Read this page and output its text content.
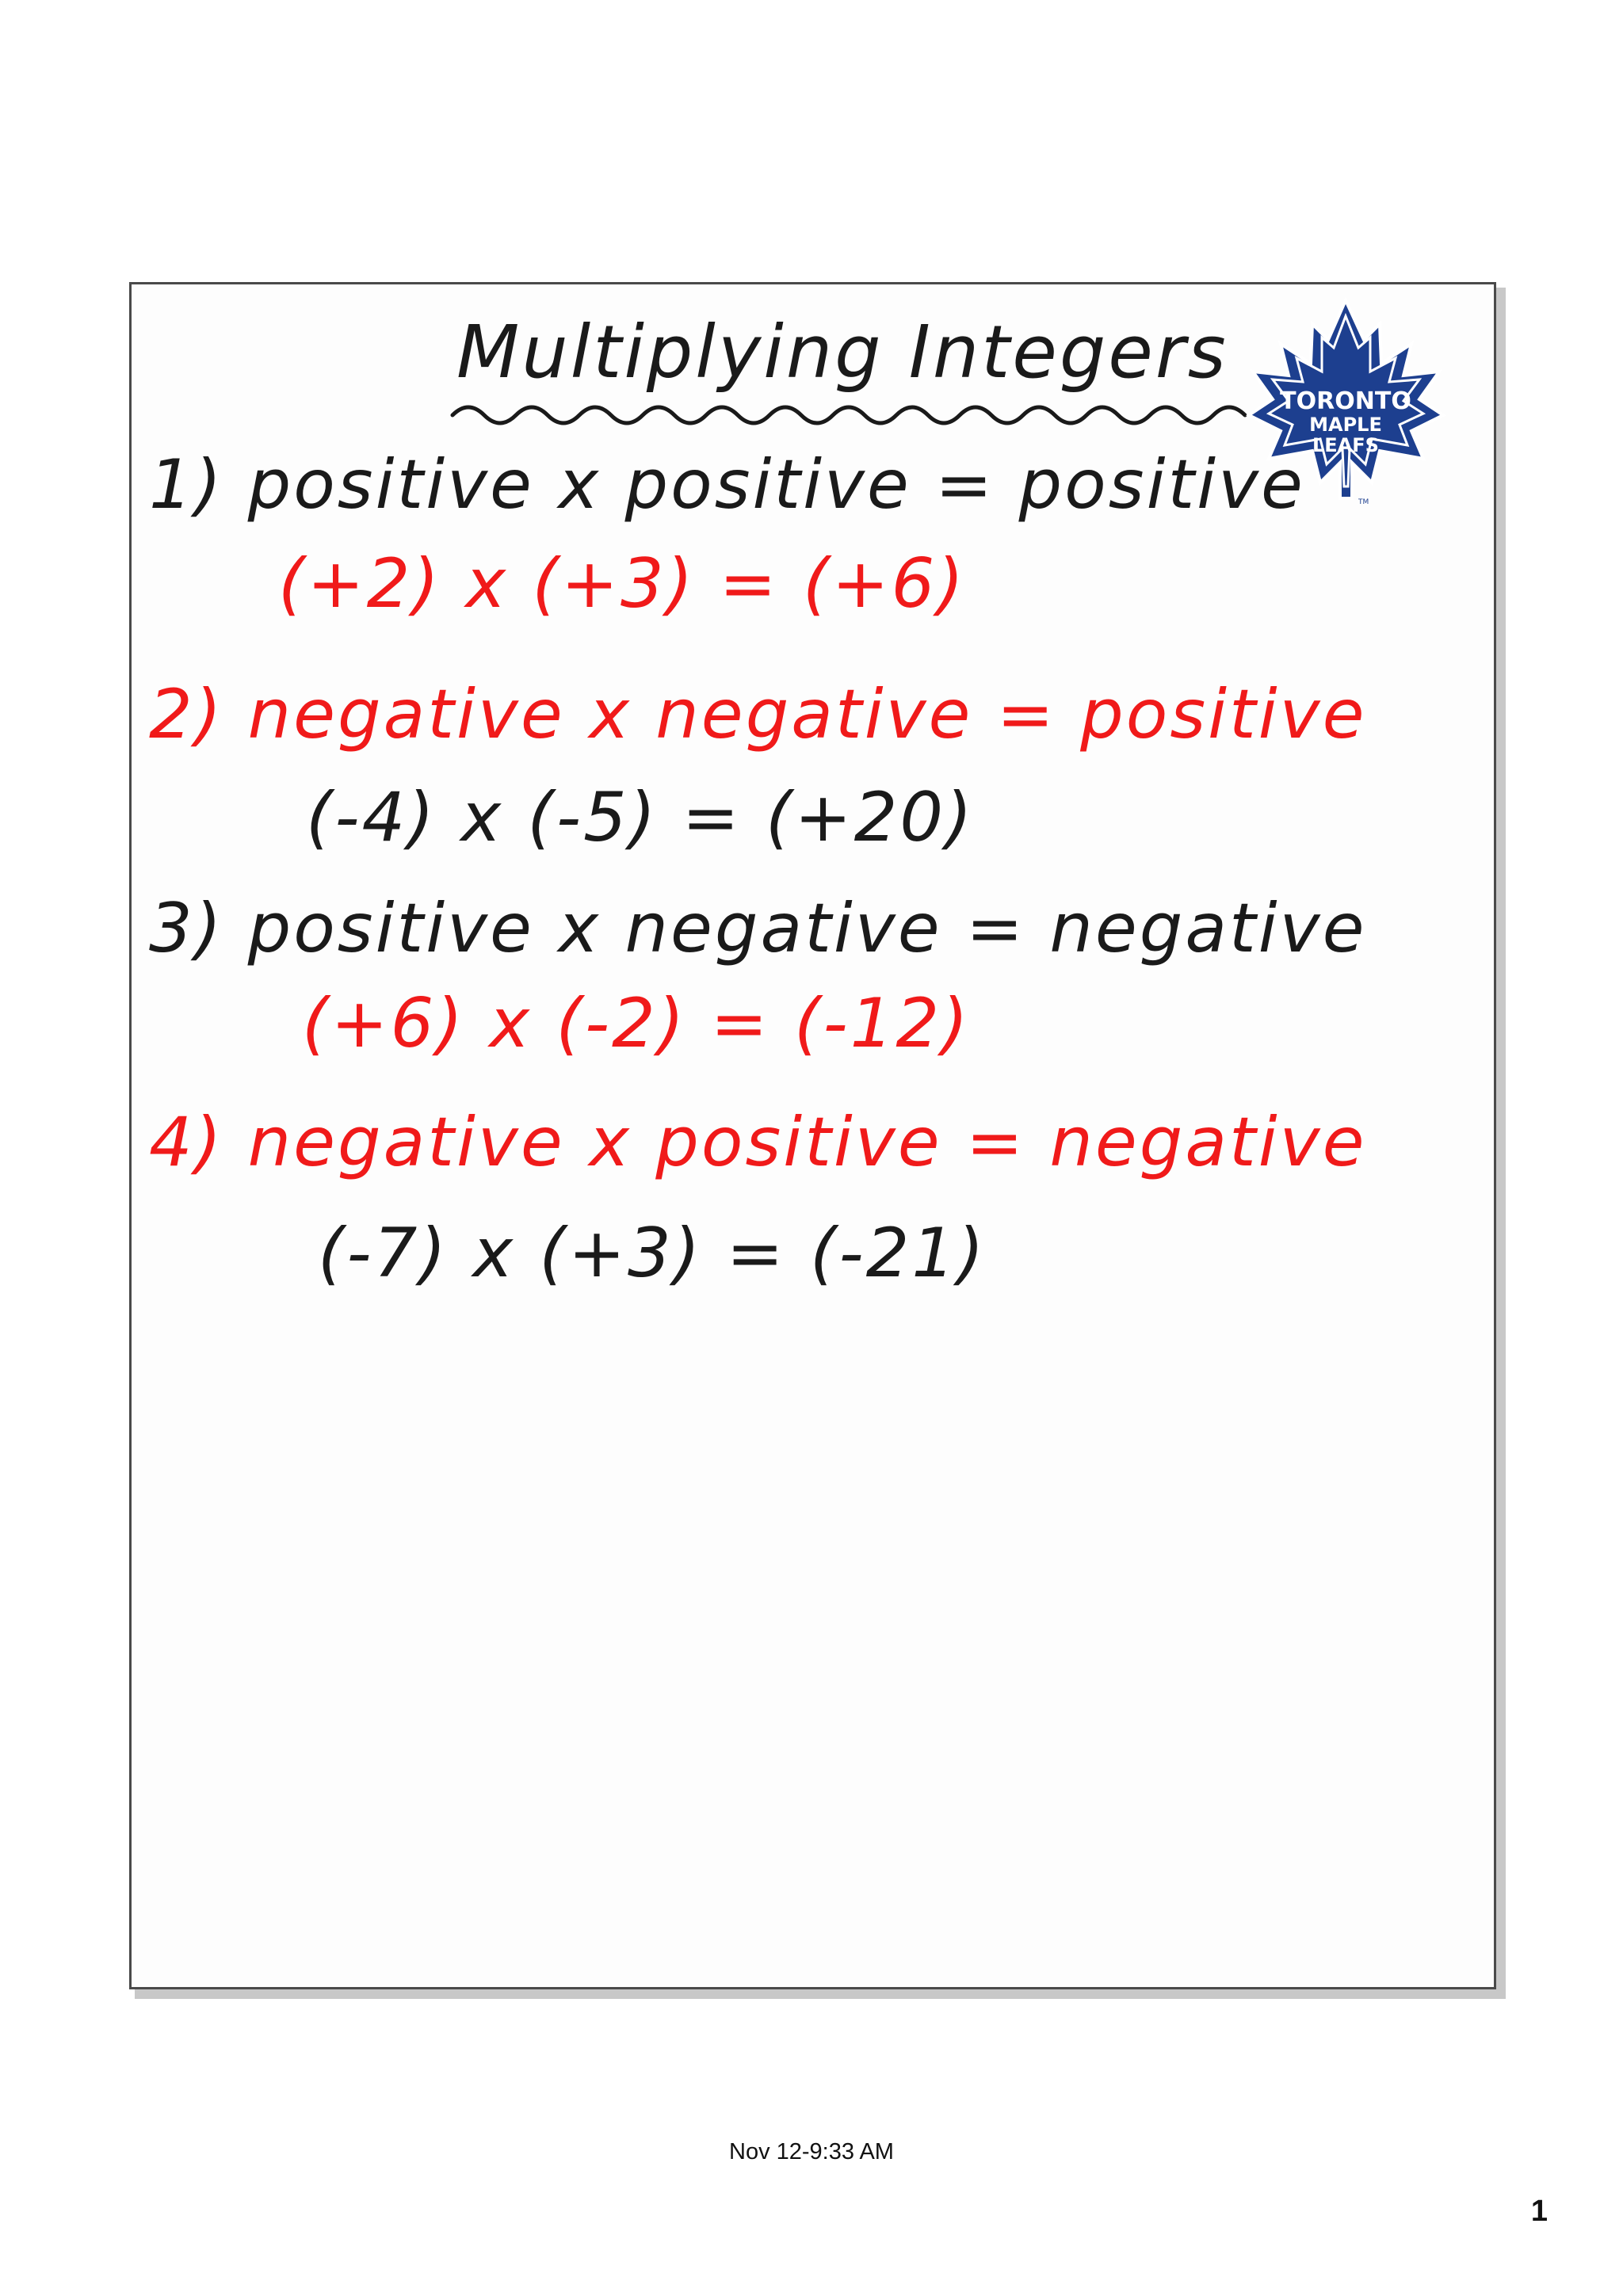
Multiplying Integers
1) positive x positive = positive
(+2) x (+3) = (+6)
2) negative x negative = positive
(-4) x (-5) = (+20)
3) positive x negative = negative
(+6) x (-2) = (-12)
4) negative x positive = negative
(-7) x (+3) = (-21)
TORONTO
MAPLE
LEAFS
TM
Nov 12-9:33 AM
1
